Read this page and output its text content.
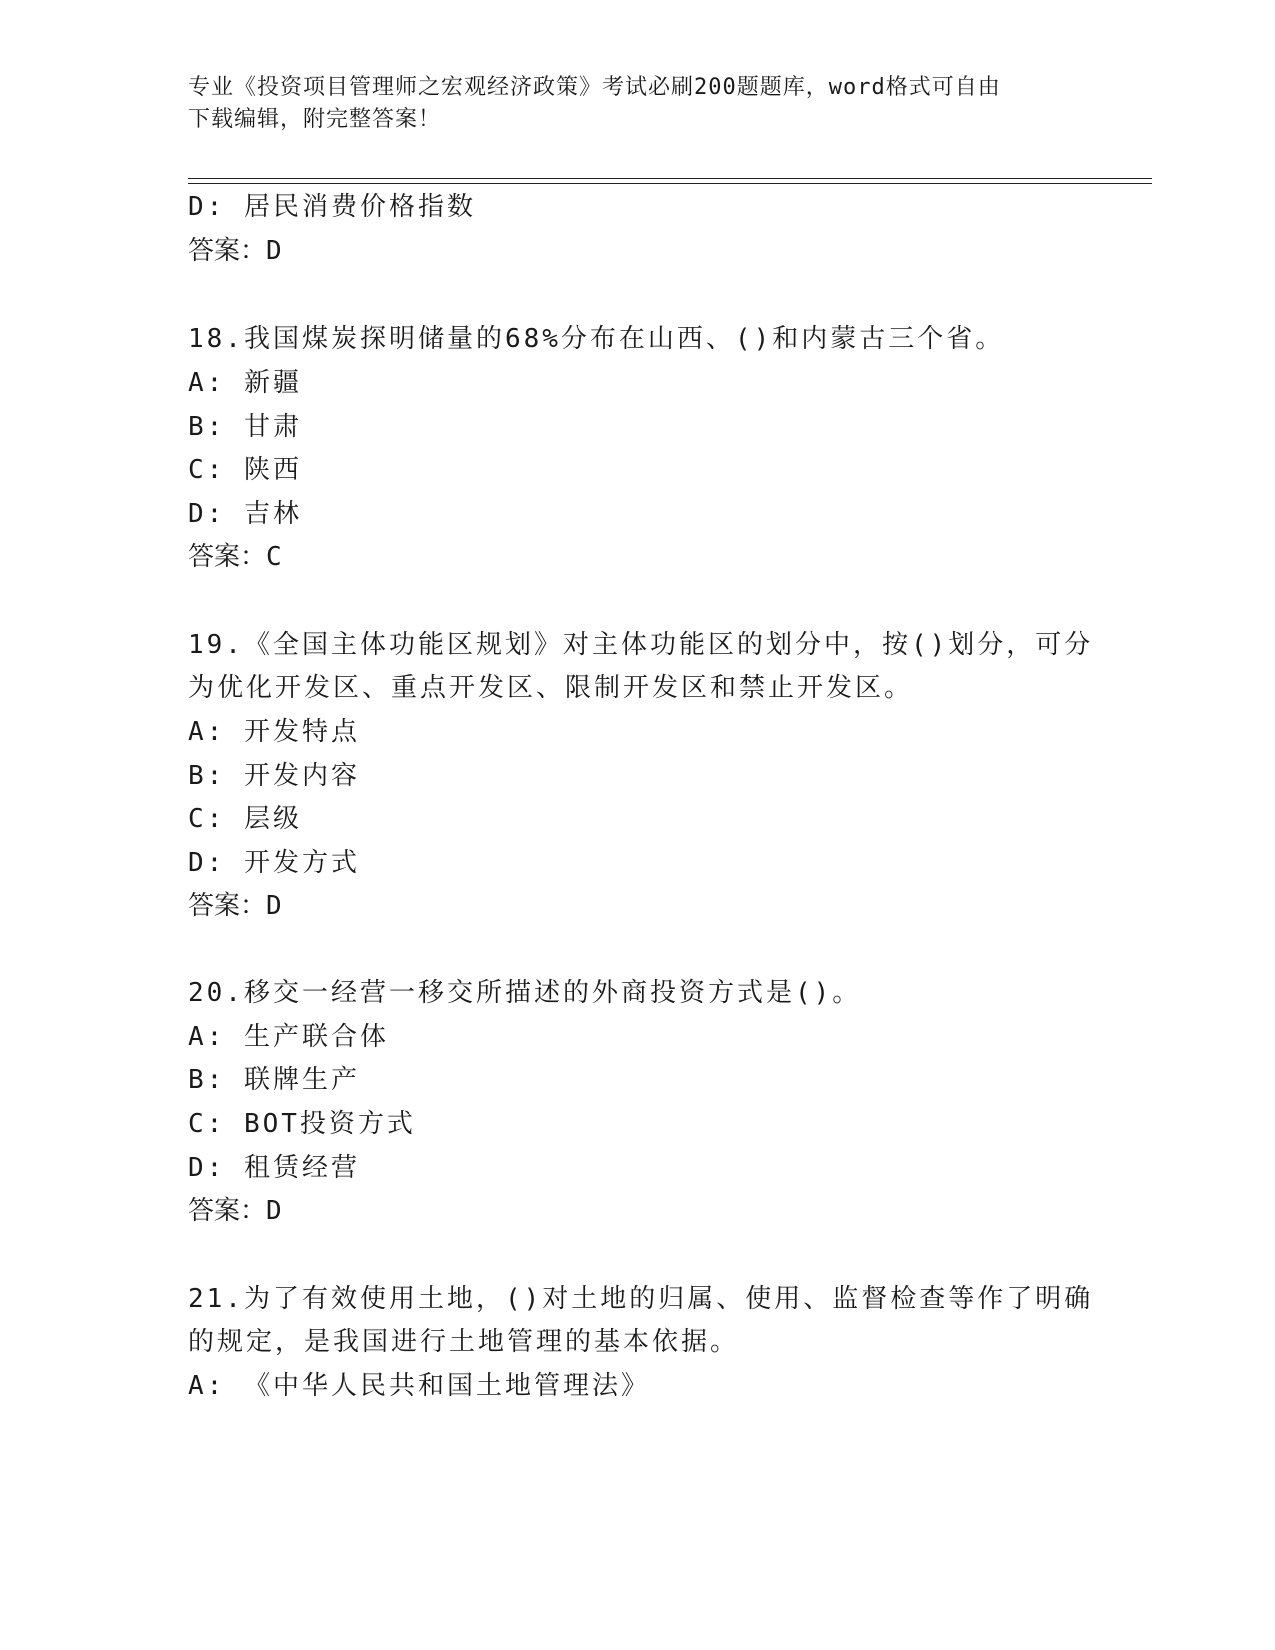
专业《投资项目管理师之宏观经济政策》考试必刷200题题库，word格式可自由
下载编辑，附完整答案！
D: 居民消费价格指数
答案：D
18.我国煤炭探明储量的68%分布在山西、()和内蒙古三个省。
A: 新疆
B: 甘肃
C: 陕西
D: 吉林
答案：C
19.《全国主体功能区规划》对主体功能区的划分中，按()划分，可分
为优化开发区、重点开发区、限制开发区和禁止开发区。
A: 开发特点
B: 开发内容
C: 层级
D: 开发方式
答案：D
20.移交一经营一移交所描述的外商投资方式是()。
A: 生产联合体
B: 联牌生产
C: BOT投资方式
D: 租赁经营
答案：D
21.为了有效使用土地，()对土地的归属、使用、监督检查等作了明确
的规定，是我国进行土地管理的基本依据。
A: 《中华人民共和国土地管理法》
